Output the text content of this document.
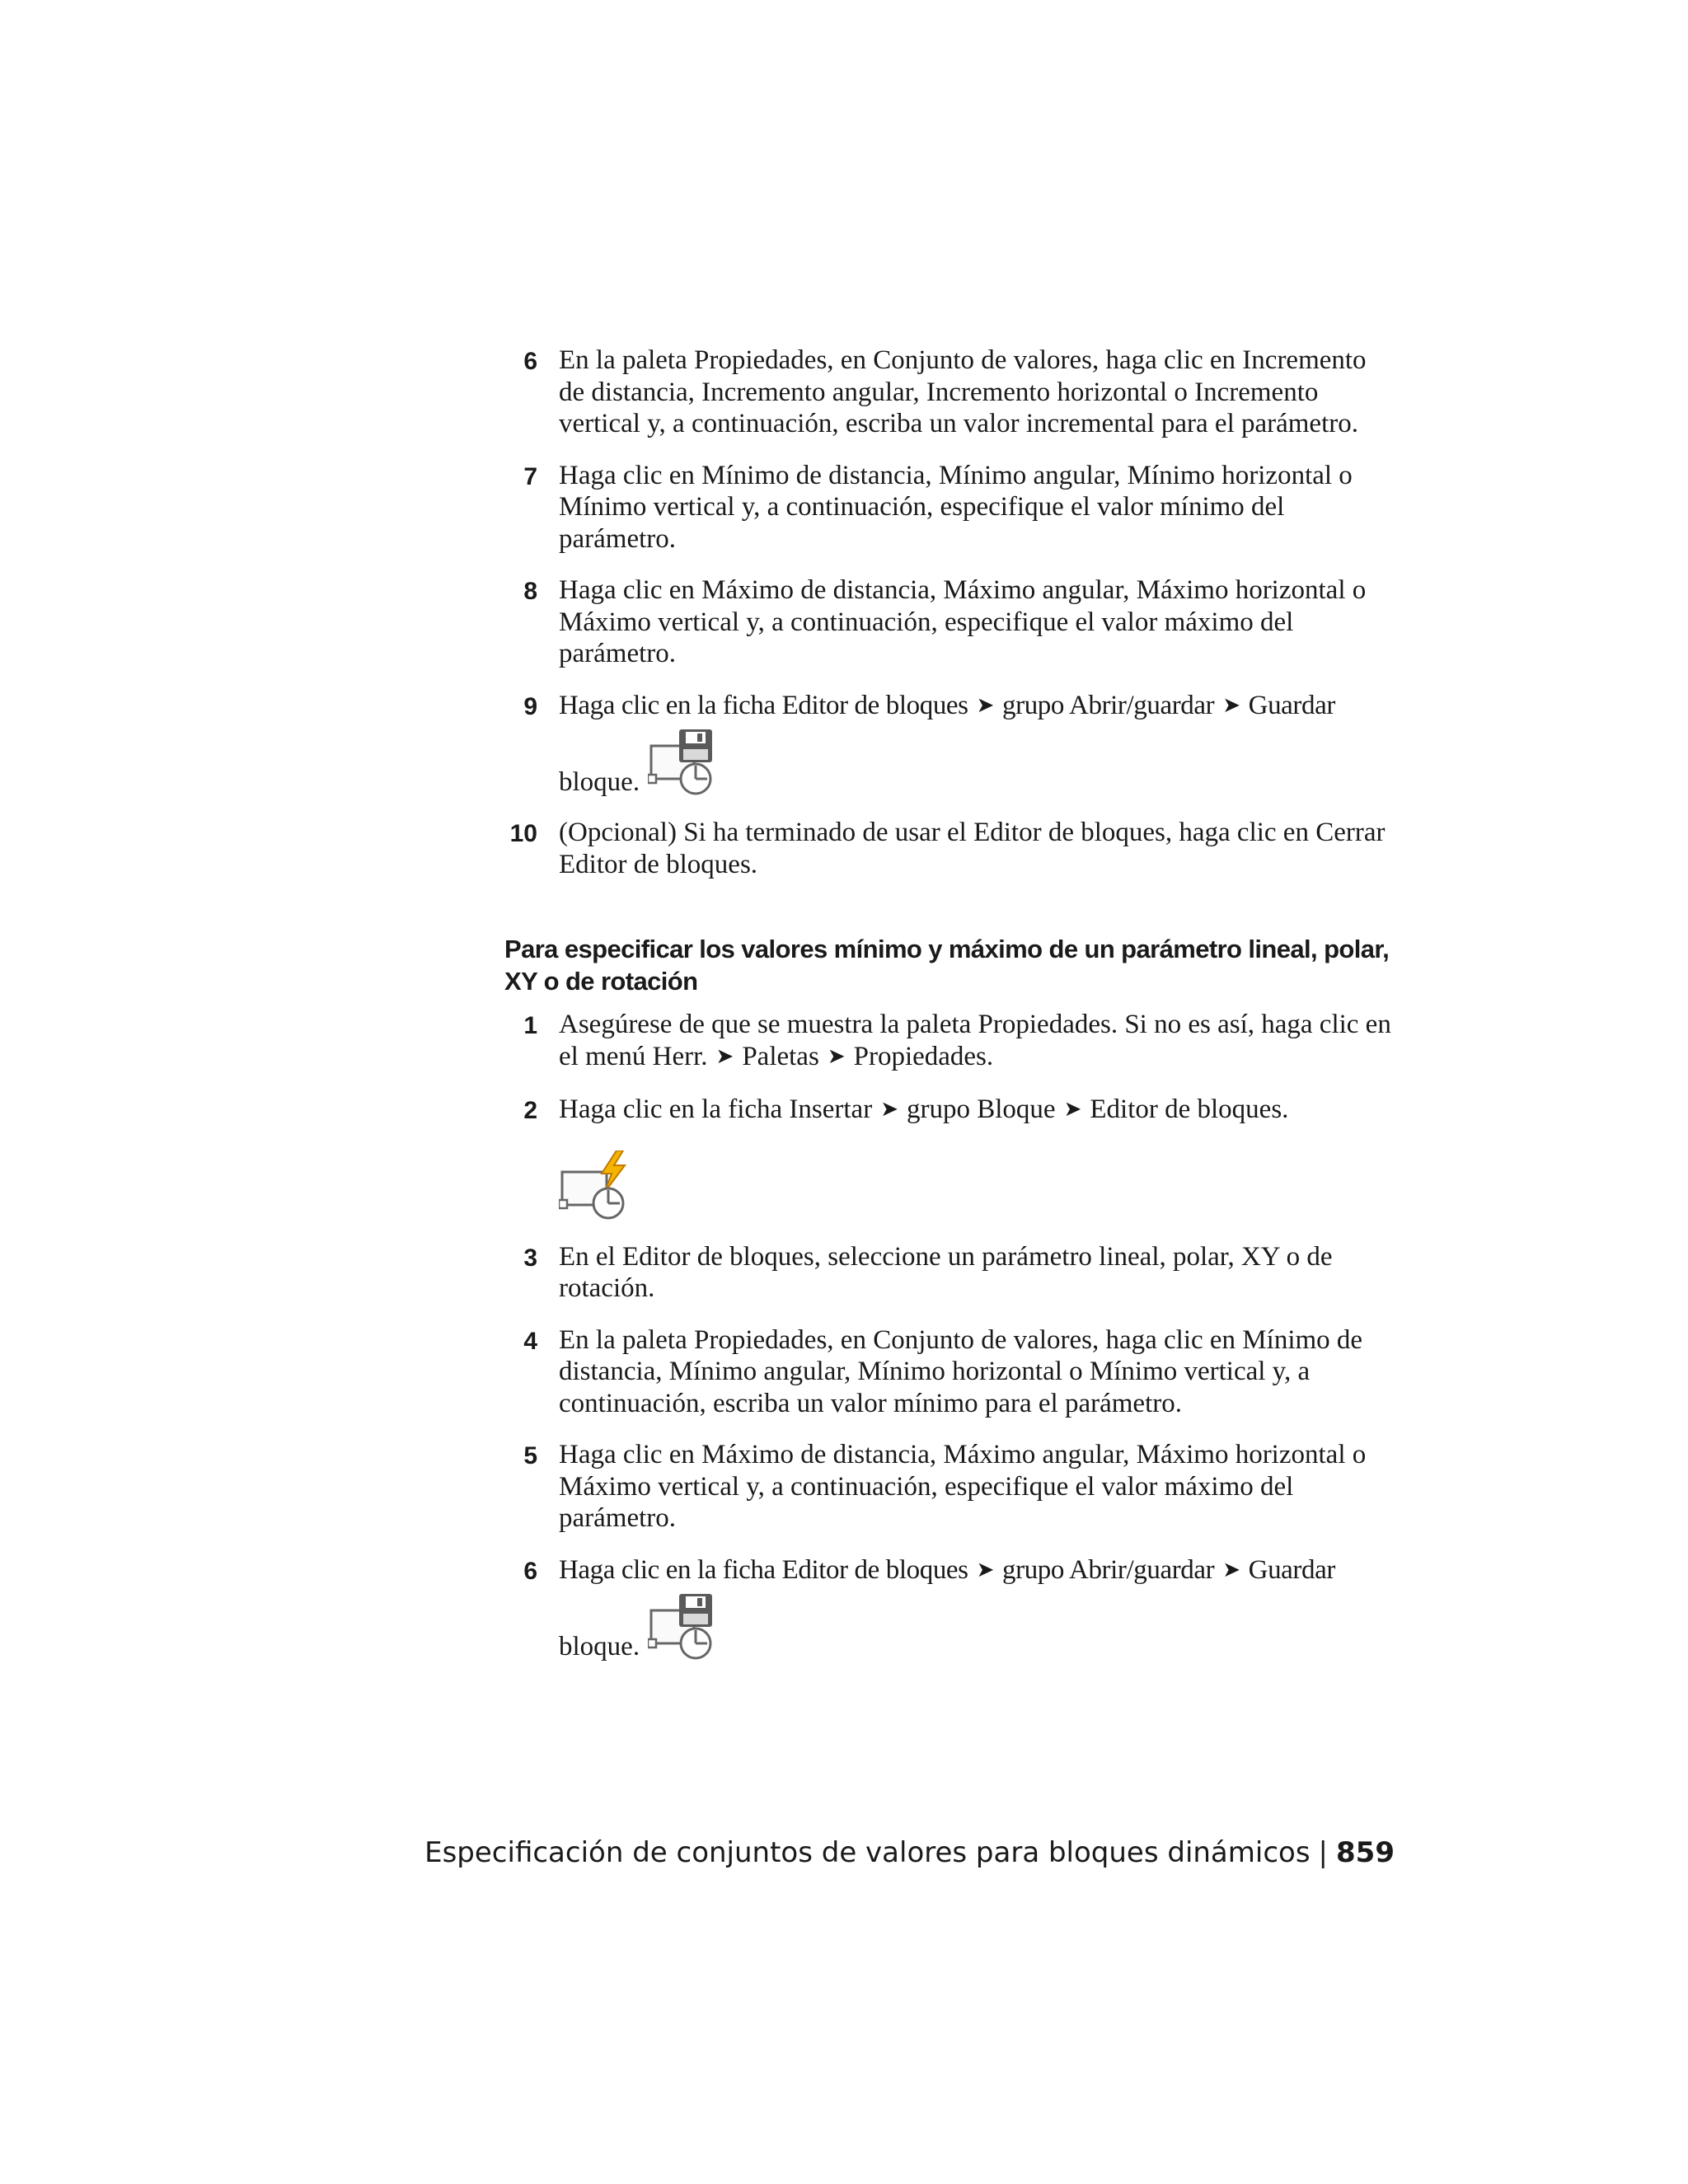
6 En la paleta Propiedades, en Conjunto de valores, haga clic en Incremento de distancia, Incremento angular, Incremento horizontal o Incremento vertical y, a continuación, escriba un valor incremental para el parámetro.
7 Haga clic en Mínimo de distancia, Mínimo angular, Mínimo horizontal o Mínimo vertical y, a continuación, especifique el valor mínimo del parámetro.
8 Haga clic en Máximo de distancia, Máximo angular, Máximo horizontal o Máximo vertical y, a continuación, especifique el valor máximo del parámetro.
9 Haga clic en la ficha Editor de bloques ➤ grupo Abrir/guardar ➤ Guardar
bloque.
10 (Opcional) Si ha terminado de usar el Editor de bloques, haga clic en Cerrar Editor de bloques.
Para especificar los valores mínimo y máximo de un parámetro lineal, polar, XY o de rotación
1 Asegúrese de que se muestra la paleta Propiedades. Si no es así, haga clic en el menú Herr. ➤ Paletas ➤ Propiedades.
2 Haga clic en la ficha Insertar ➤ grupo Bloque ➤ Editor de bloques.
3 En el Editor de bloques, seleccione un parámetro lineal, polar, XY o de rotación.
4 En la paleta Propiedades, en Conjunto de valores, haga clic en Mínimo de distancia, Mínimo angular, Mínimo horizontal o Mínimo vertical y, a continuación, escriba un valor mínimo para el parámetro.
5 Haga clic en Máximo de distancia, Máximo angular, Máximo horizontal o Máximo vertical y, a continuación, especifique el valor máximo del parámetro.
6 Haga clic en la ficha Editor de bloques ➤ grupo Abrir/guardar ➤ Guardar
bloque.
Especificación de conjuntos de valores para bloques dinámicos | 859
